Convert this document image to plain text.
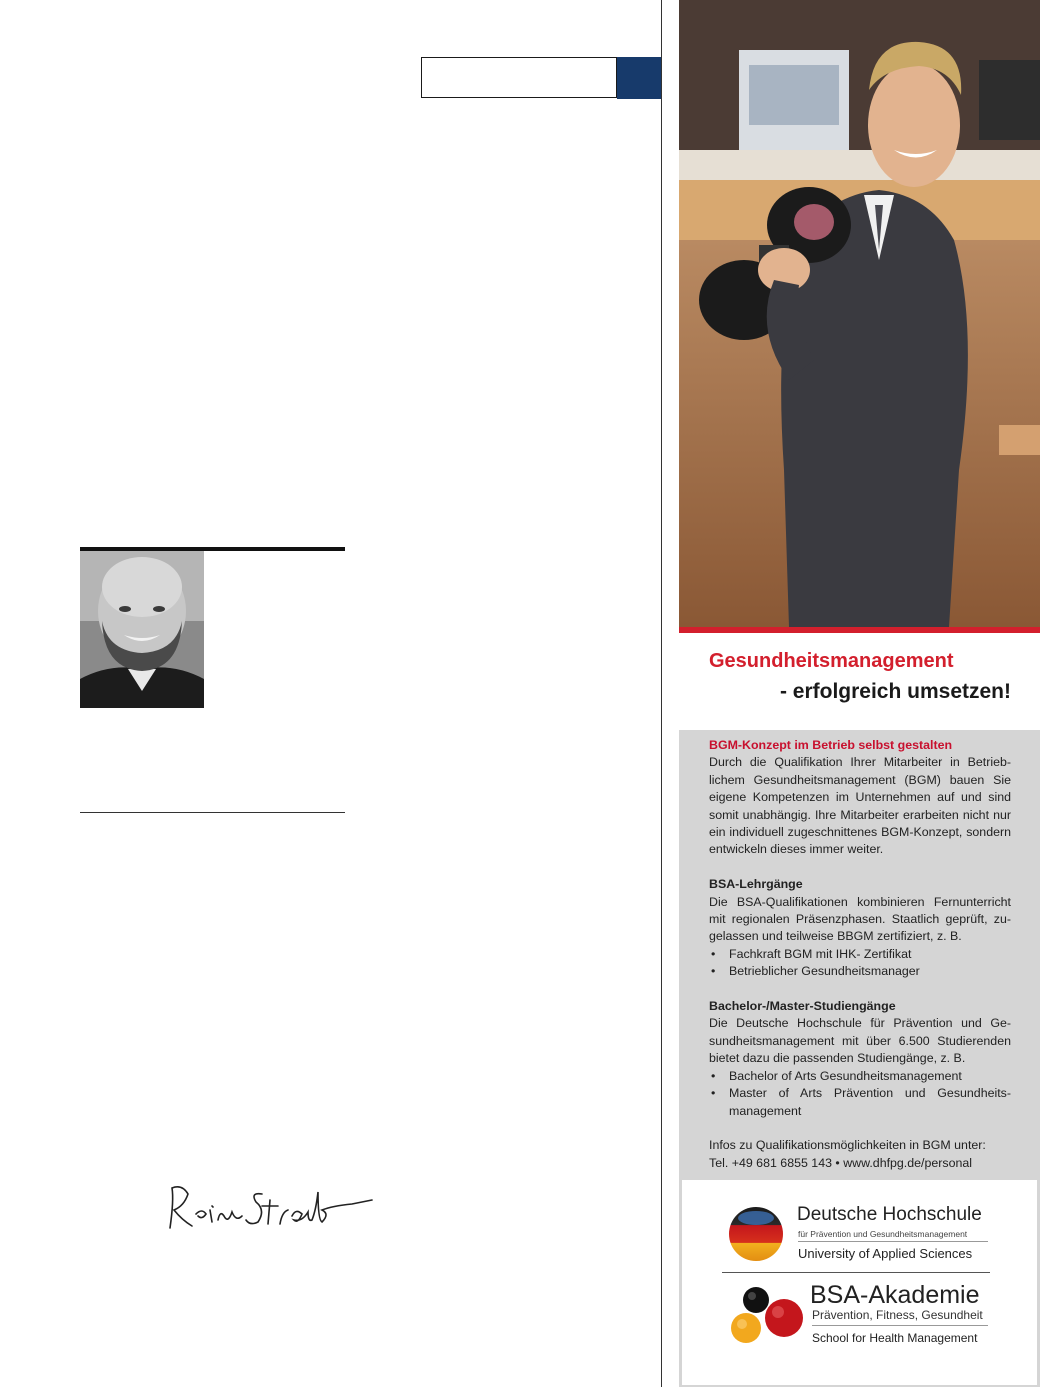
Gesundheitsmanagement
- erfolgreich umsetzen!

BGM-Konzept im Betrieb selbst gestalten

Durch die Qualifikation Ihrer Mitarbeiter in Betrieb-lichem Gesundheitsmanagement (BGM) bauen Sie eigene Kompetenzen im Unternehmen auf und sind somit unabhängig. Ihre Mitarbeiter erarbeiten nicht nur ein individuell zugeschnittenes BGM-Konzept, sondern entwickeln dieses immer weiter.

BSA-Lehrgänge

Die BSA-Qualifikationen kombinieren Fernunterricht mit regionalen Präsenzphasen. Staatlich geprüft, zu-gelassen und teilweise BBGM zertifiziert, z. B.

• Fachkraft BGM mit IHK- Zertifikat
• Betrieblicher Gesundheitsmanager

Bachelor-/Master-Studiengänge

Die Deutsche Hochschule für Prävention und Ge-sundheitsmanagement mit über 6.500 Studierenden bietet dazu die passenden Studiengänge, z. B.

• Bachelor of Arts Gesundheitsmanagement
• Master of Arts Prävention und Gesundheits-management

Infos zu Qualifikationsmöglichkeiten in BGM unter:

Tel. +49 681 6855 143 • www.dhfpg.de/personal

Deutsche Hochschule
für Prävention und Gesundheitsmanagement
University of Applied Sciences
BSA-Akademie
Prävention, Fitness, Gesundheit
School for Health Management
